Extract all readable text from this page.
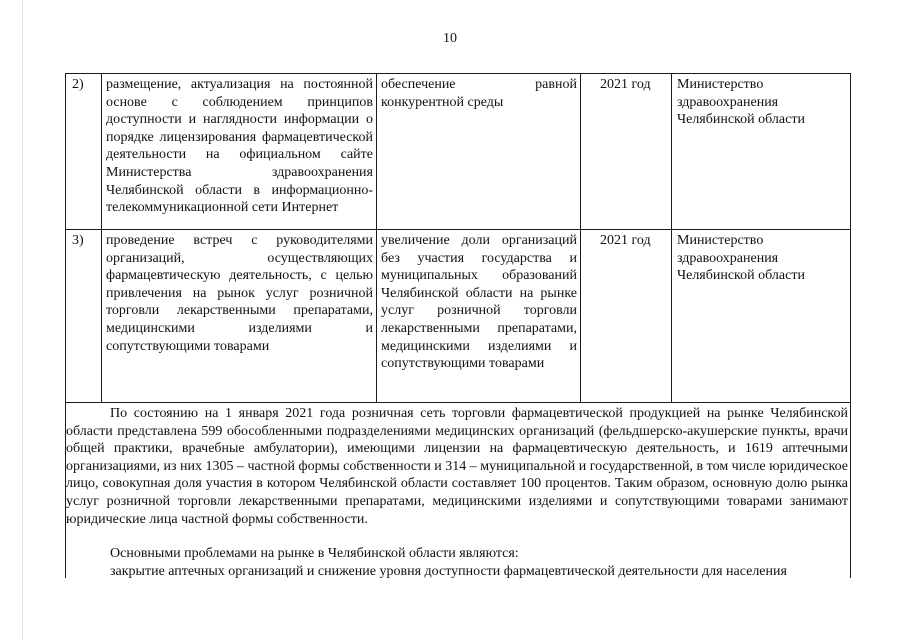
10
2) размещение, актуализация на постоянной основе с соблюдением принципов доступности и наглядности информации о порядке лицензирования фармацевтической деятельности на официальном сайте Министерства здравоохранения Челябинской области в информационно-телекоммуникационной сети Интернет
обеспечение равной конкурентной среды
2021 год Министерство здравоохранения Челябинской области
3) проведение встреч с руководителями организаций, осуществляющих фармацевтическую деятельность, с целью привлечения на рынок услуг розничной торговли лекарственными препаратами, медицинскими изделиями и сопутствующими товарами
увеличение доли организаций без участия государства и муниципальных образований Челябинской области на рынке услуг розничной торговли лекарственными препаратами, медицинскими изделиями и сопутствующими товарами
2021 год Министерство здравоохранения Челябинской области
По состоянию на 1 января 2021 года розничная сеть торговли фармацевтической продукцией на рынке Челябинской области представлена 599 обособленными подразделениями медицинских организаций (фельдшерско-акушерские пункты, врачи общей практики, врачебные амбулатории), имеющими лицензии на фармацевтическую деятельность, и 1619 аптечными организациями, из них 1305 – частной формы собственности и 314 – муниципальной и государственной, в том числе юридическое лицо, совокупная доля участия в котором Челябинской области составляет 100 процентов. Таким образом, основную долю рынка услуг розничной торговли лекарственными препаратами, медицинскими изделиями и сопутствующими товарами занимают юридические лица частной формы собственности.
Основными проблемами на рынке в Челябинской области являются:
закрытие аптечных организаций и снижение уровня доступности фармацевтической деятельности для населения
